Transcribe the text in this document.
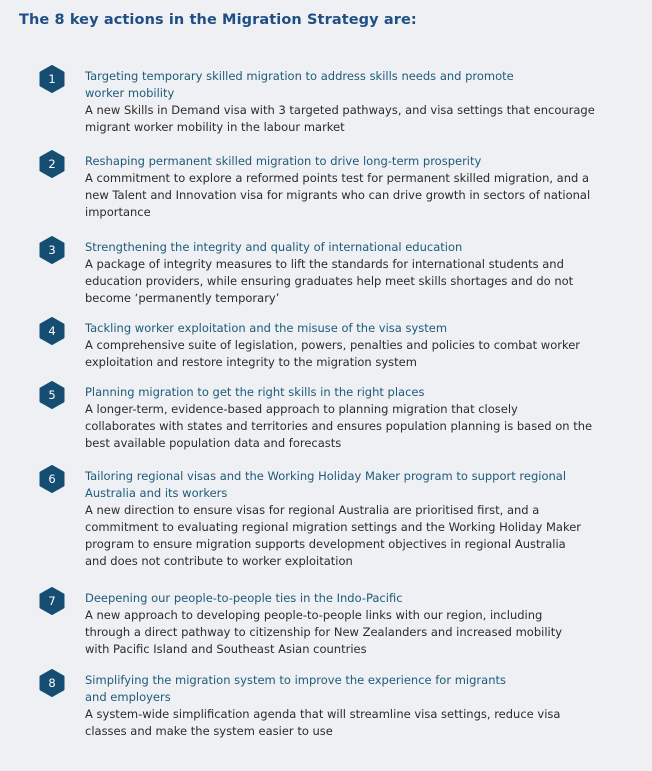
The 8 key actions in the Migration Strategy are:
1	Targeting temporary skilled migration to address skills needs and promote
worker mobility
A new Skills in Demand visa with 3 targeted pathways, and visa settings that encourage
migrant worker mobility in the labour market
2	Reshaping permanent skilled migration to drive long-term prosperity
A commitment to explore a reformed points test for permanent skilled migration, and a
new Talent and Innovation visa for migrants who can drive growth in sectors of national
importance
3	Strengthening the integrity and quality of international education
A package of integrity measures to lift the standards for international students and
education providers, while ensuring graduates help meet skills shortages and do not
become ‘permanently temporary’
4	Tackling worker exploitation and the misuse of the visa system
A comprehensive suite of legislation, powers, penalties and policies to combat worker
exploitation and restore integrity to the migration system
5	Planning migration to get the right skills in the right places
A longer-term, evidence-based approach to planning migration that closely
collaborates with states and territories and ensures population planning is based on the
best available population data and forecasts
6	Tailoring regional visas and the Working Holiday Maker program to support regional
Australia and its workers
A new direction to ensure visas for regional Australia are prioritised first, and a
commitment to evaluating regional migration settings and the Working Holiday Maker
program to ensure migration supports development objectives in regional Australia
and does not contribute to worker exploitation
7	Deepening our people-to-people ties in the Indo-Pacific
A new approach to developing people-to-people links with our region, including
through a direct pathway to citizenship for New Zealanders and increased mobility
with Pacific Island and Southeast Asian countries
8	Simplifying the migration system to improve the experience for migrants
and employers
A system-wide simplification agenda that will streamline visa settings, reduce visa
classes and make the system easier to use
